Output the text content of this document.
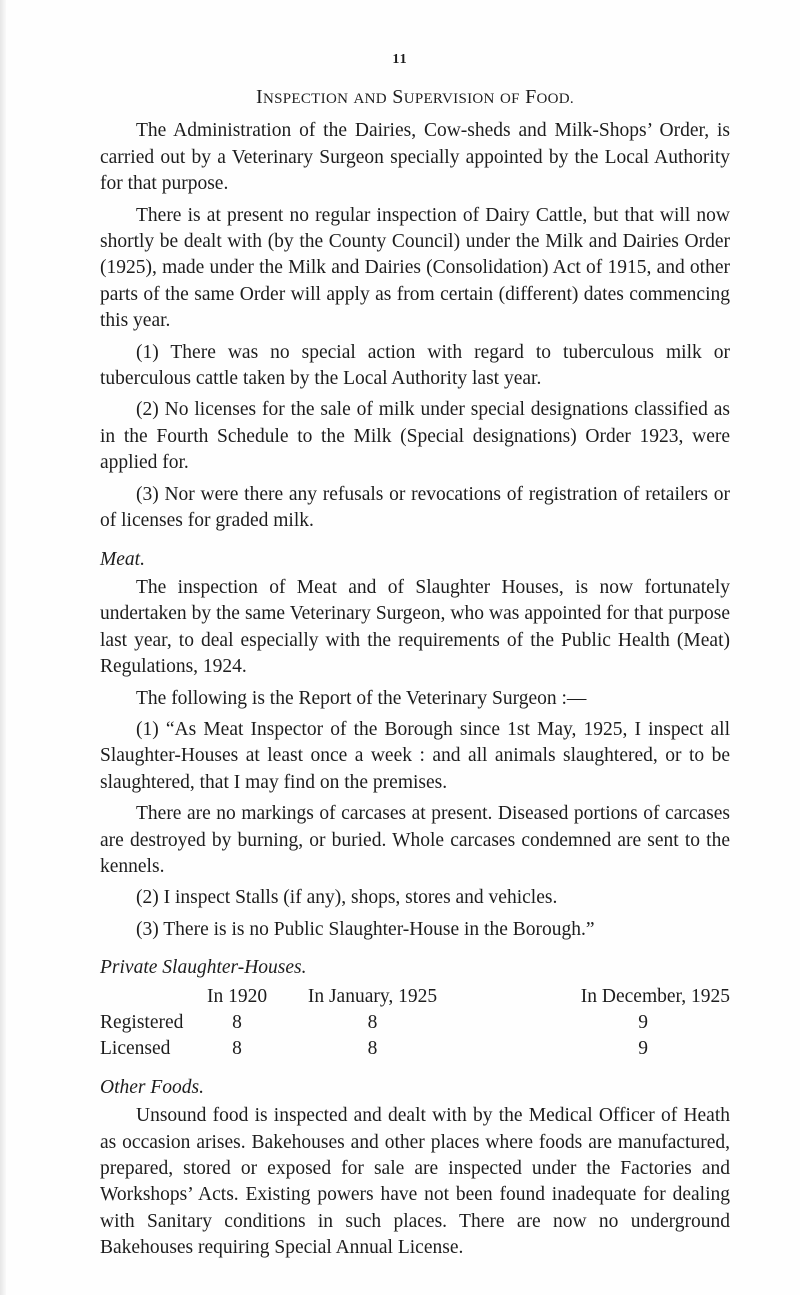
11
INSPECTION AND SUPERVISION OF FOOD.

The Administration of the Dairies, Cow-sheds and Milk-Shops’ Order, is carried out by a Veterinary Surgeon specially appointed by the Local Authority for that purpose.

There is at present no regular inspection of Dairy Cattle, but that will now shortly be dealt with (by the County Council) under the Milk and Dairies Order (1925), made under the Milk and Dairies (Consolidation) Act of 1915, and other parts of the same Order will apply as from certain (different) dates commencing this year.

(1) There was no special action with regard to tuberculous milk or tuberculous cattle taken by the Local Authority last year.

(2) No licenses for the sale of milk under special designations classified as in the Fourth Schedule to the Milk (Special designations) Order 1923, were applied for.

(3) Nor were there any refusals or revocations of registration of retailers or of licenses for graded milk.

Meat.

The inspection of Meat and of Slaughter Houses, is now fortunately undertaken by the same Veterinary Surgeon, who was appointed for that purpose last year, to deal especially with the requirements of the Public Health (Meat) Regulations, 1924.

The following is the Report of the Veterinary Surgeon :—

(1) “As Meat Inspector of the Borough since 1st May, 1925, I inspect all Slaughter-Houses at least once a week : and all animals slaughtered, or to be slaughtered, that I may find on the premises.

There are no markings of carcases at present. Diseased portions of carcases are destroyed by burning, or buried. Whole carcases condemned are sent to the kennels.

(2) I inspect Stalls (if any), shops, stores and vehicles.

(3) There is is no Public Slaughter-House in the Borough.”

Private Slaughter-Houses.

	In 1920	In January, 1925	In December, 1925
Registered	8	8	9
Licensed	8	8	9

Other Foods.

Unsound food is inspected and dealt with by the Medical Officer of Heath as occasion arises. Bakehouses and other places where foods are manufactured, prepared, stored or exposed for sale are inspected under the Factories and Workshops’ Acts. Existing powers have not been found inadequate for dealing with Sanitary conditions in such places. There are now no underground Bakehouses requiring Special Annual License.
